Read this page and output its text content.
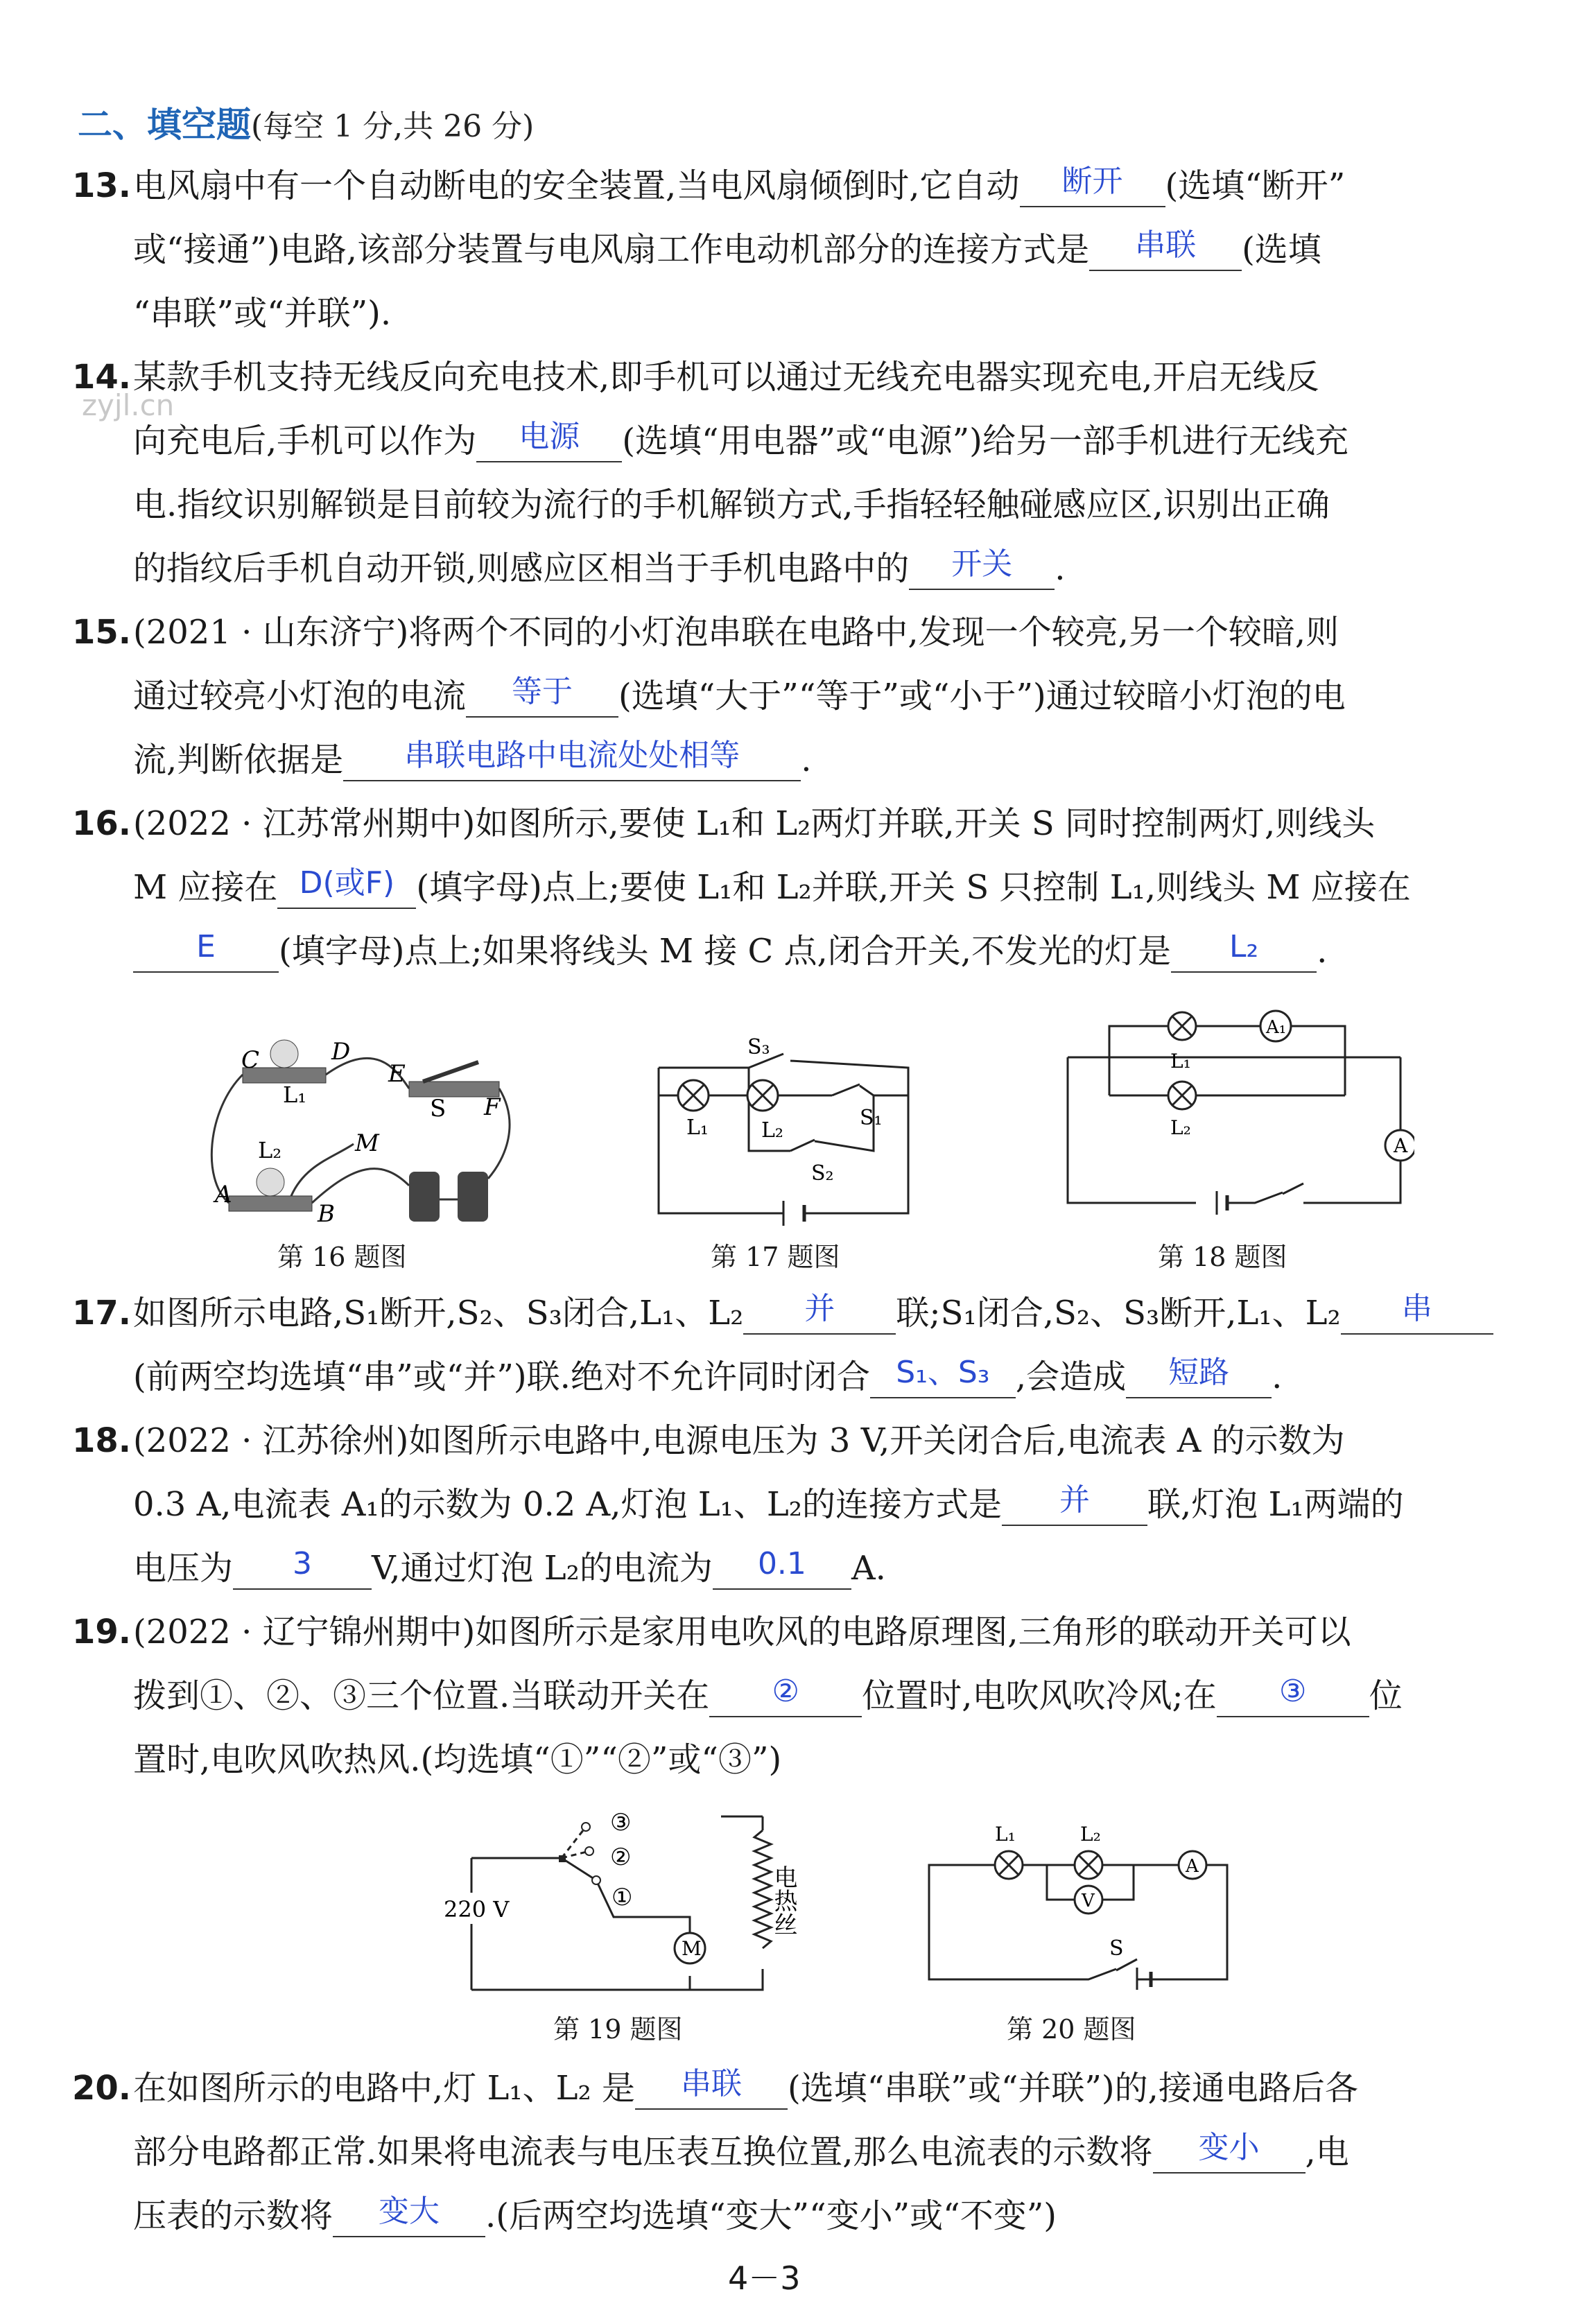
zyjl.cn
二、填空题(每空 1 分,共 26 分)
13. 电风扇中有一个自动断电的安全装置,当电风扇倾倒时,它自动 断开 (选填“断开”
或“接通”)电路,该部分装置与电风扇工作电动机部分的连接方式是 串联 (选填
“串联”或“并联”).
14. 某款手机支持无线反向充电技术,即手机可以通过无线充电器实现充电,开启无线反
向充电后,手机可以作为 电源 (选填“用电器”或“电源”)给另一部手机进行无线充
电.指纹识别解锁是目前较为流行的手机解锁方式,手指轻轻触碰感应区,识别出正确
的指纹后手机自动开锁,则感应区相当于手机电路中的 开关 .
15. (2021 · 山东济宁)将两个不同的小灯泡串联在电路中,发现一个较亮,另一个较暗,则
通过较亮小灯泡的电流 等于 (选填“大于”“等于”或“小于”)通过较暗小灯泡的电
流,判断依据是 串联电路中电流处处相等 .
16. (2022 · 江苏常州期中)如图所示,要使 L₁和 L₂两灯并联,开关 S 同时控制两灯,则线头
M 应接在 D(或F) (填字母)点上;要使 L₁和 L₂并联,开关 S 只控制 L₁,则线头 M 应接在
E (填字母)点上;如果将线头 M 接 C 点,闭合开关,不发光的灯是 L₂ .
C	D
E
F
L₁	S
L₂	M
A
B
第 16 题图
S₃
L₁	L₂
S₁
S₂
第 17 题图
A₁
A
L₁
L₂
第 18 题图
17. 如图所示电路,S₁断开,S₂、S₃闭合,L₁、L₂ 并 联;S₁闭合,S₂、S₃断开,L₁、L₂ 串
(前两空均选填“串”或“并”)联.绝对不允许同时闭合 S₁、S₃ ,会造成 短路 .
18. (2022 · 江苏徐州)如图所示电路中,电源电压为 3 V,开关闭合后,电流表 A 的示数为
0.3 A,电流表 A₁的示数为 0.2 A,灯泡 L₁、L₂的连接方式是 并 联,灯泡 L₁两端的
电压为 3 V,通过灯泡 L₂的电流为 0.1 A.
19. (2022 · 辽宁锦州期中)如图所示是家用电吹风的电路原理图,三角形的联动开关可以
拨到①、②、③三个位置.当联动开关在 ② 位置时,电吹风吹冷风;在 ③ 位
置时,电吹风吹热风.(均选填“①”“②”或“③”)
M
③
②
①
220 V	电热丝
第 19 题图
V
A
L₁	L₂
S
第 20 题图
20. 在如图所示的电路中,灯 L₁、L₂ 是 串联 (选填“串联”或“并联”)的,接通电路后各
部分电路都正常.如果将电流表与电压表互换位置,那么电流表的示数将 变小 ,电
压表的示数将 变大 .(后两空均选填“变大”“变小”或“不变”)
4－3
